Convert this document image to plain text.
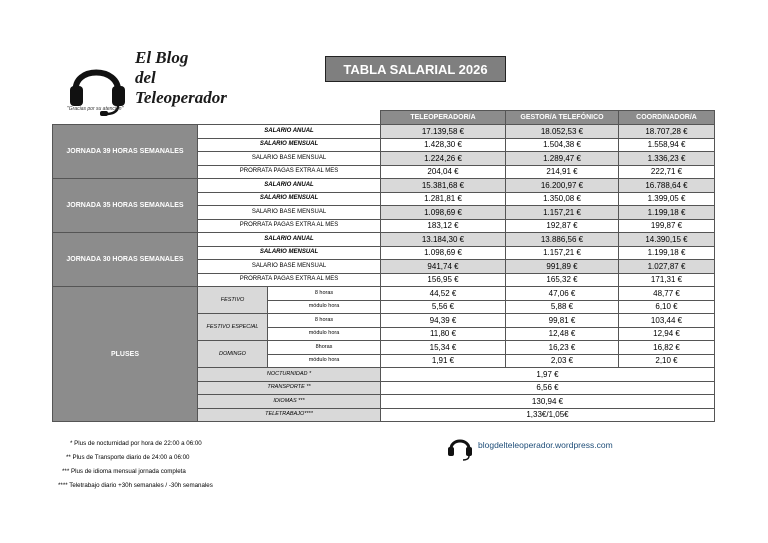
El Blog
del
Teleoperador
"Gracias por su atención"
TABLA SALARIAL 2026
			TELEOPERADOR/A	GESTOR/A TELEFÓNICO	COORDINADOR/A
JORNADA 39 HORAS SEMANALES	SALARIO ANUAL		17.139,58 €	18.052,53 €	18.707,28 €
	SALARIO MENSUAL		1.428,30 €	1.504,38 €	1.558,94 €
	SALARIO BASE MENSUAL		1.224,26 €	1.289,47 €	1.336,23 €
	PRORRATA PAGAS EXTRA AL MES		204,04 €	214,91 €	222,71 €
JORNADA 35 HORAS SEMANALES	SALARIO ANUAL		15.381,68 €	16.200,97 €	16.788,64 €
	SALARIO MENSUAL		1.281,81 €	1.350,08 €	1.399,05 €
	SALARIO BASE MENSUAL		1.098,69 €	1.157,21 €	1.199,18 €
	PRORRATA PAGAS EXTRA AL MES		183,12 €	192,87 €	199,87 €
JORNADA 30 HORAS SEMANALES	SALARIO ANUAL		13.184,30 €	13.886,56 €	14.390,15 €
	SALARIO MENSUAL		1.098,69 €	1.157,21 €	1.199,18 €
	SALARIO BASE MENSUAL		941,74 €	991,89 €	1.027,87 €
	PRORRATA PAGAS EXTRA AL MES		156,95 €	165,32 €	171,31 €
PLUSES	FESTIVO	8 horas	44,52 €	47,06 €	48,77 €
		módulo hora	5,56 €	5,88 €	6,10 €
	FESTIVO ESPECIAL	8 horas	94,39 €	99,81 €	103,44 €
		módulo hora	11,80 €	12,48 €	12,94 €
	DOMINGO	8horas	15,34 €	16,23 €	16,82 €
		módulo hora	1,91 €	2,03 €	2,10 €
	NOCTURNIDAD *		1,97 €		
	TRANSPORTE **		6,56 €		
	IDIOMAS ***		130,94 €		
	TELETRABAJO****		1,33€/1,05€		
* Plus de nocturnidad por hora de 22:00 a 06:00
** Plus de Transporte diario de 24:00 a 06:00
*** Plus de idioma mensual jornada completa
**** Teletrabajo diario +30h semanales / -30h semanales
blogdelteleoperador.wordpress.com
